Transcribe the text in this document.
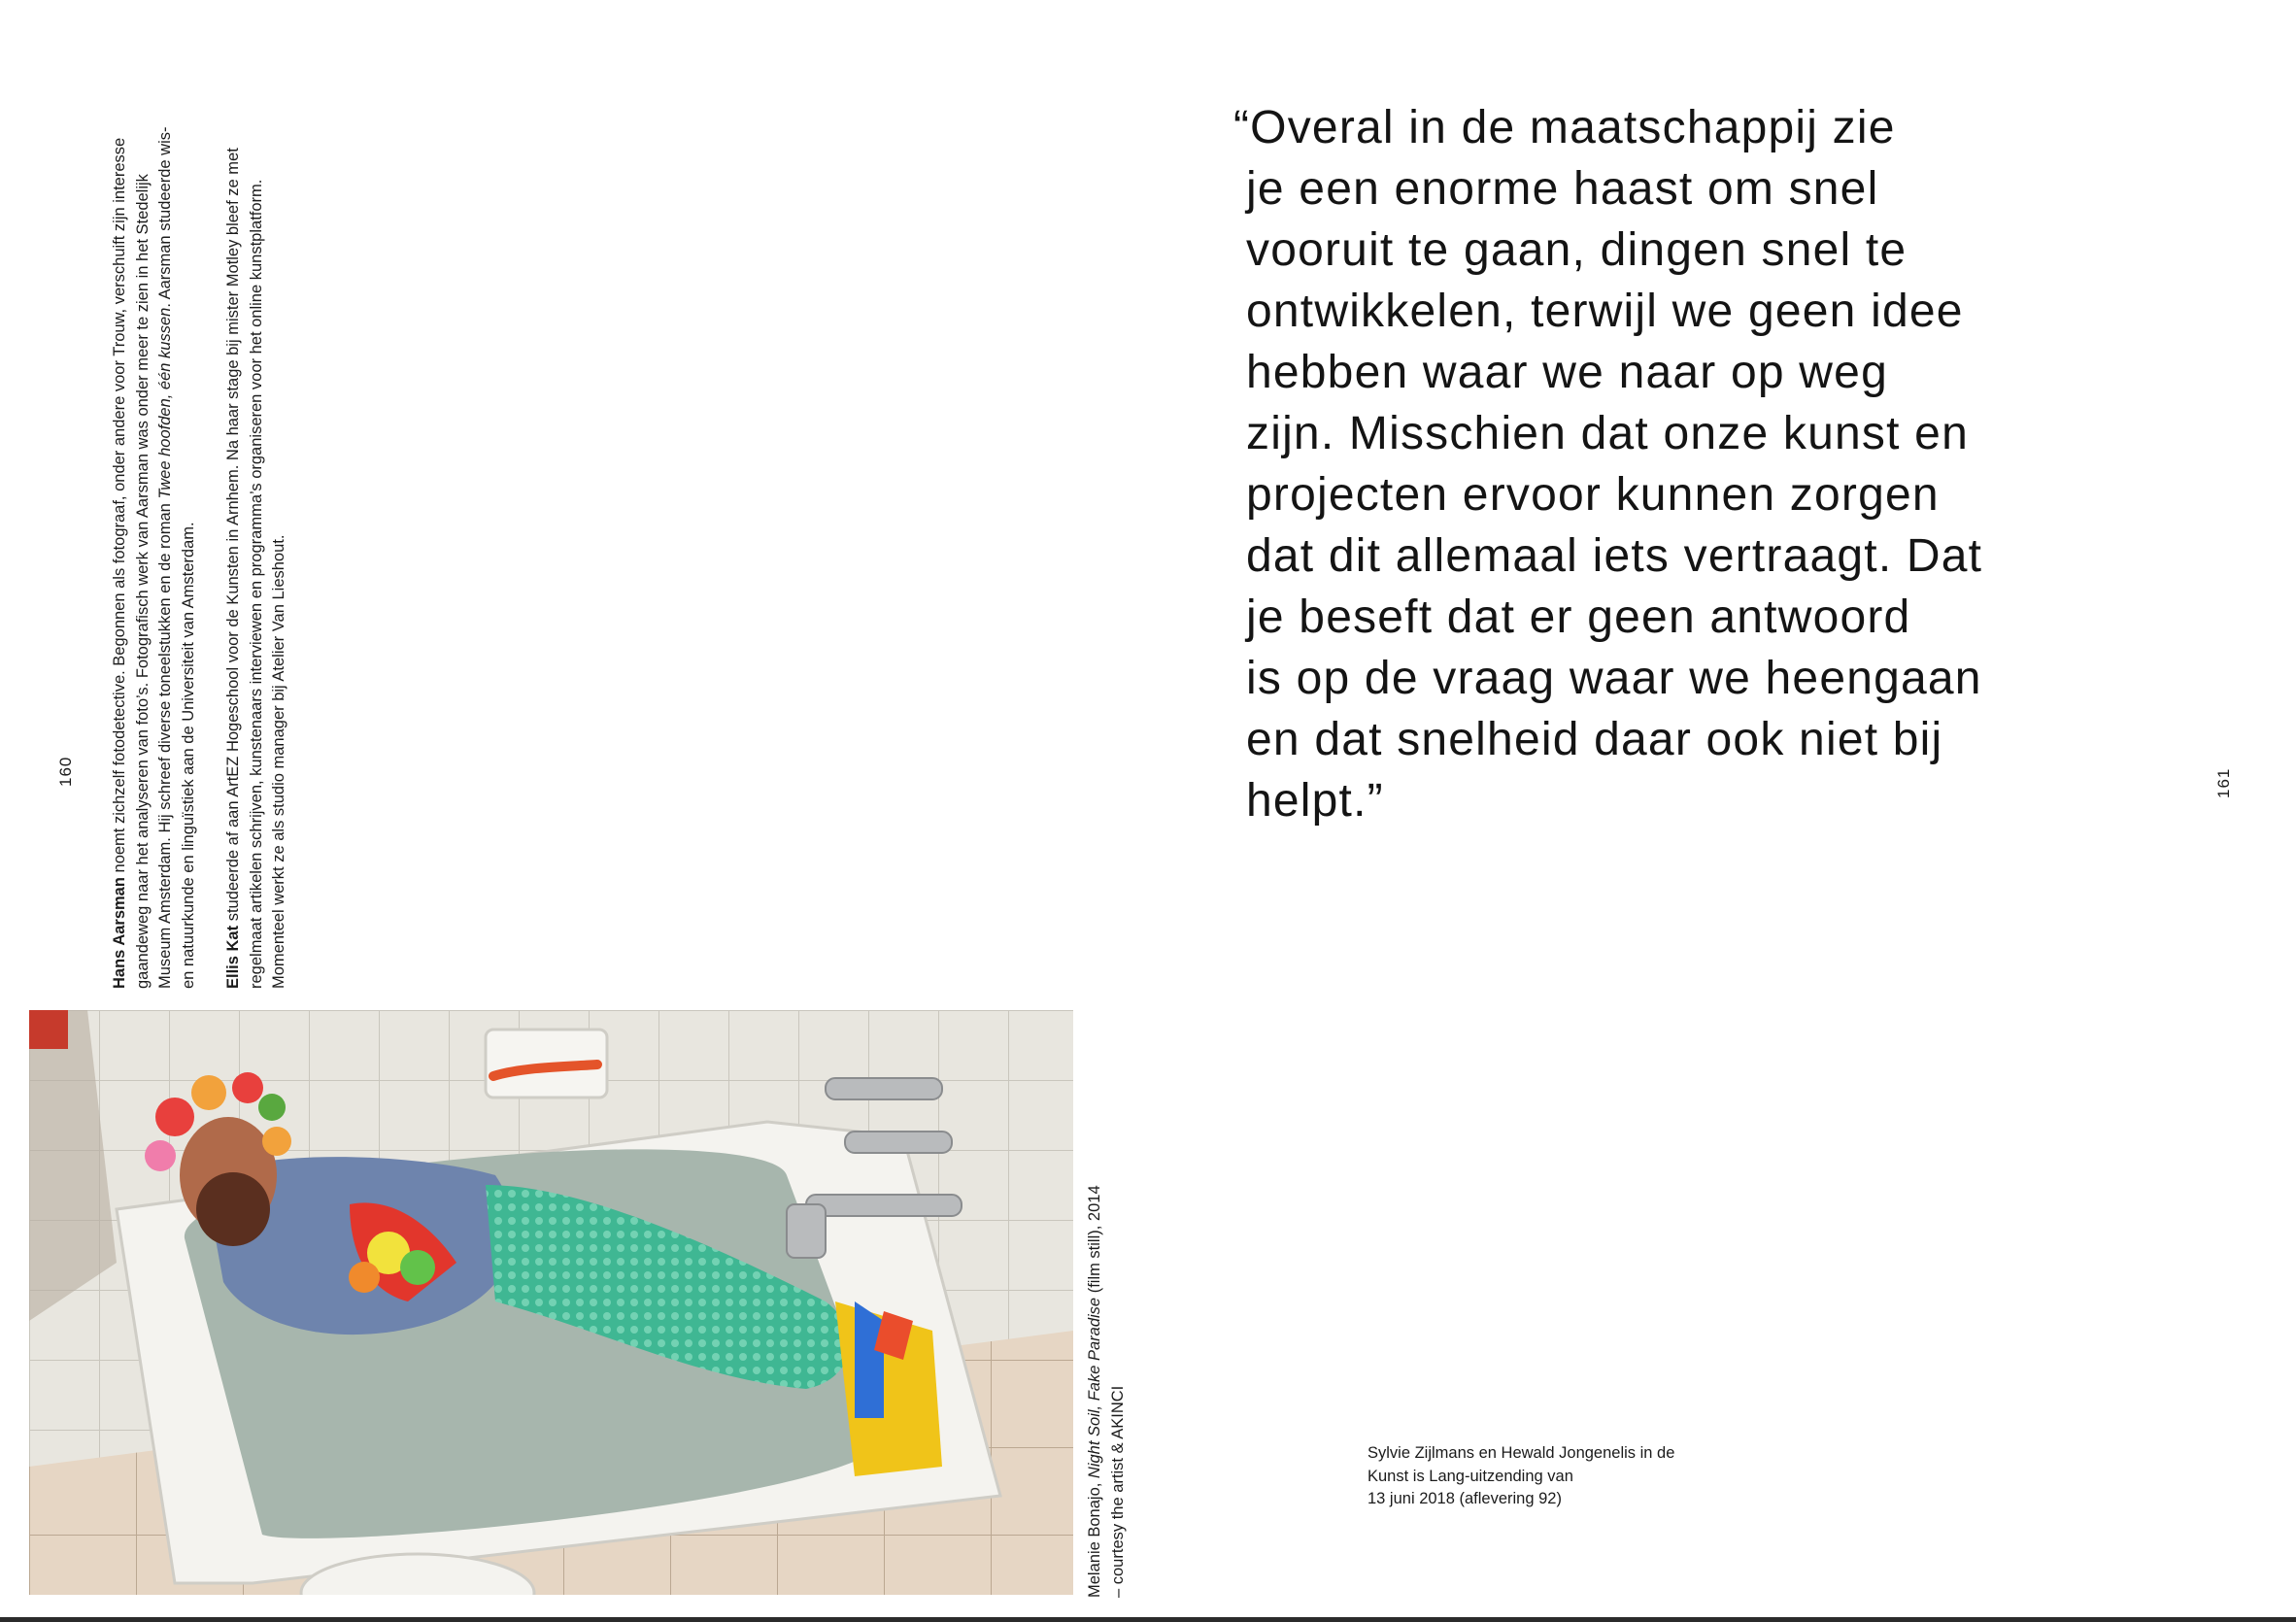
160

Hans Aarsman noemt zichzelf fotodetective. Begonnen als fotograaf, onder andere voor Trouw, verschuift zijn interesse gaandeweg naar het analyseren van foto’s. Fotografisch werk van Aarsman was onder meer te zien in het Stedelijk Museum Amsterdam. Hij schreef diverse toneelstukken en de roman Twee hoofden, één kussen. Aarsman studeerde wis- en natuurkunde en linguïstiek aan de Universiteit van Amsterdam. Ellis Kat studeerde af aan ArtEZ Hogeschool voor de Kunsten in Arnhem. Na haar stage bij mister Motley bleef ze met regelmaat artikelen schrijven, kunstenaars interviewen en programma’s organiseren voor het online kunstplatform. Momenteel werkt ze als studio manager bij Atelier Van Lieshout.

Melanie Bonajo, Night Soil, Fake Paradise (film still), 2014

– courtesy the artist & AKINCI

“Overal in de maatschappij zie
je een enorme haast om snel
vooruit te gaan, dingen snel te
ontwikkelen, terwijl we geen idee
hebben waar we naar op weg
zijn. Misschien dat onze kunst en
projecten ervoor kunnen zorgen
dat dit allemaal iets vertraagt. Dat
je beseft dat er geen antwoord
is op de vraag waar we heengaan
en dat snelheid daar ook niet bij
helpt.”	161
Sylvie Zijlmans en Hewald Jongenelis in de
Kunst is Lang-uitzending van
13 juni 2018 (aflevering 92)
